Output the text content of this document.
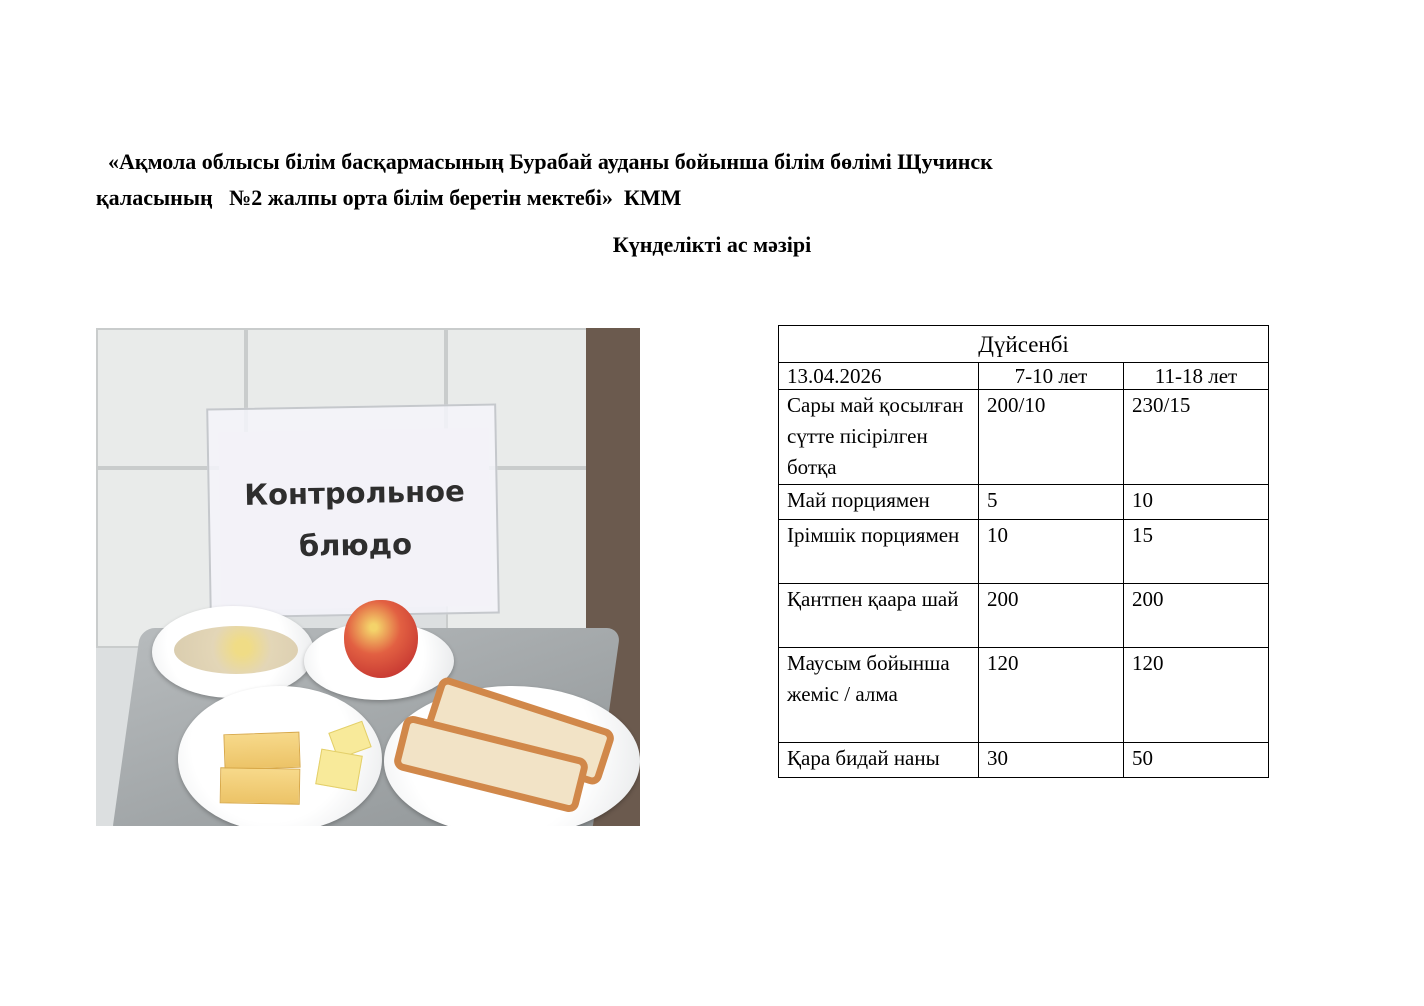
«Ақмола облысы білім басқармасының Бурабай ауданы бойынша білім бөлімі Щучинск
қаласының   №2 жалпы орта білім беретін мектебі»  КММ
Күнделікті ас мәзірі
Контрольное
блюдо
Дүйсенбі		
13.04.2026	7-10 лет	11-18 лет
Сары май қосылған сүтте пісірілген ботқа	200/10	230/15
Май порциямен	5	10
Ірімшік порциямен	10	15
Қантпен қаара шай	200	200
Маусым бойынша жеміс / алма	120	120
Қара бидай наны	30	50
